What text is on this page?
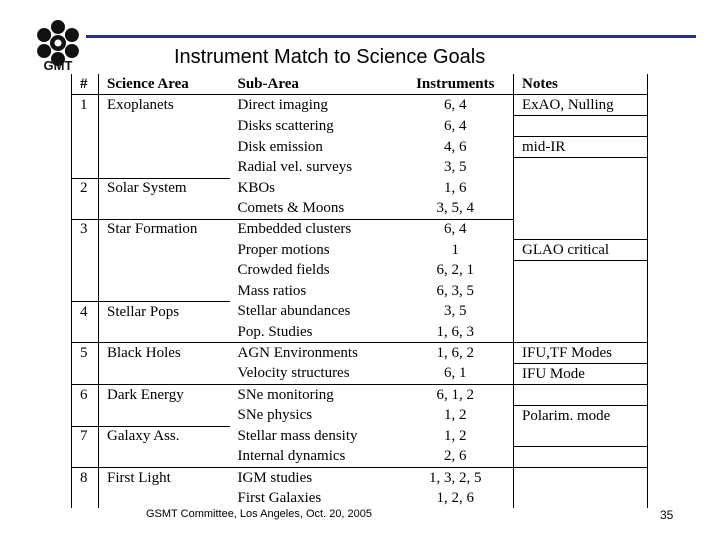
GMT	Instrument Match to Science Goals
#	Science Area	Sub-Area	Instruments	Notes
1	Exoplanets	Direct imaging	6, 4	ExAO, Nulling
		Disks scattering	6, 4	
		Disk emission	4, 6	mid-IR
		Radial vel. surveys	3, 5	
2	Solar System	KBOs	1, 6	
		Comets & Moons	3, 5, 4	
3	Star Formation	Embedded clusters	6, 4	
		Proper motions	1	GLAO critical
		Crowded fields	6, 2, 1	
		Mass ratios	6, 3, 5	
4	Stellar Pops	Stellar abundances	3, 5	
		Pop. Studies	1, 6, 3	
5	Black Holes	AGN Environments	1, 6, 2	IFU,TF Modes
		Velocity structures	6, 1	IFU Mode
6	Dark Energy	SNe monitoring	6, 1, 2	
		SNe physics	1, 2	Polarim. mode
7	Galaxy Ass.	Stellar mass density	1, 2	
		Internal dynamics	2, 6	
8	First Light	IGM studies	1, 3, 2, 5	
		First Galaxies	1, 2, 6	
GSMT Committee, Los Angeles, Oct. 20, 2005	35
